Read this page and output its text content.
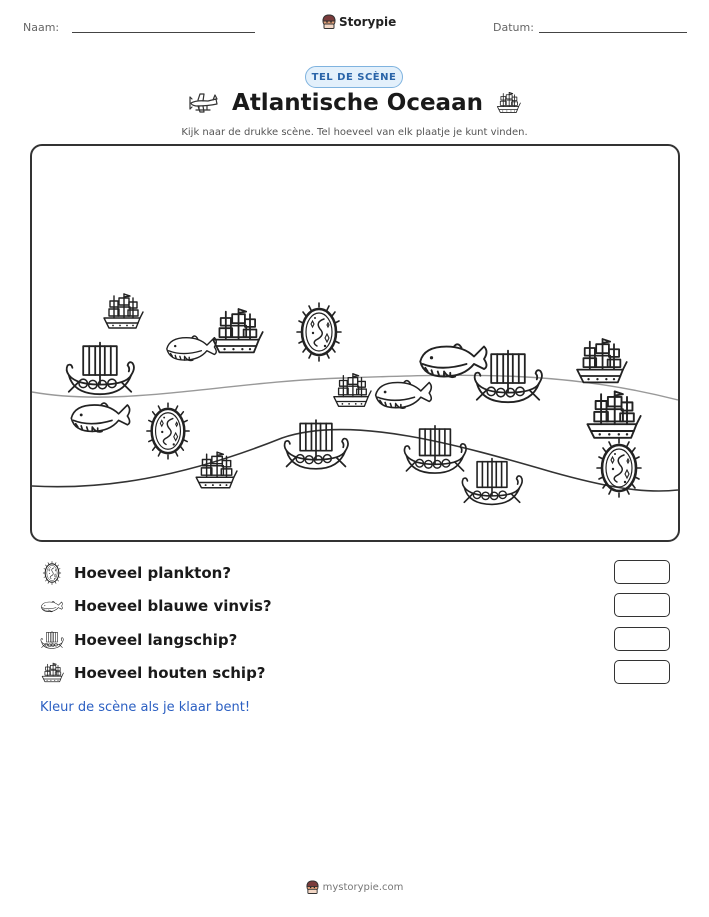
Naam:	Storypie	Datum:
TEL DE SCÈNE
Atlantische Oceaan
Kijk naar de drukke scène. Tel hoeveel van elk plaatje je kunt vinden.
Hoeveel plankton?
Hoeveel blauwe vinvis?
Hoeveel langschip?
Hoeveel houten schip?
Kleur de scène als je klaar bent!
mystorypie.com
